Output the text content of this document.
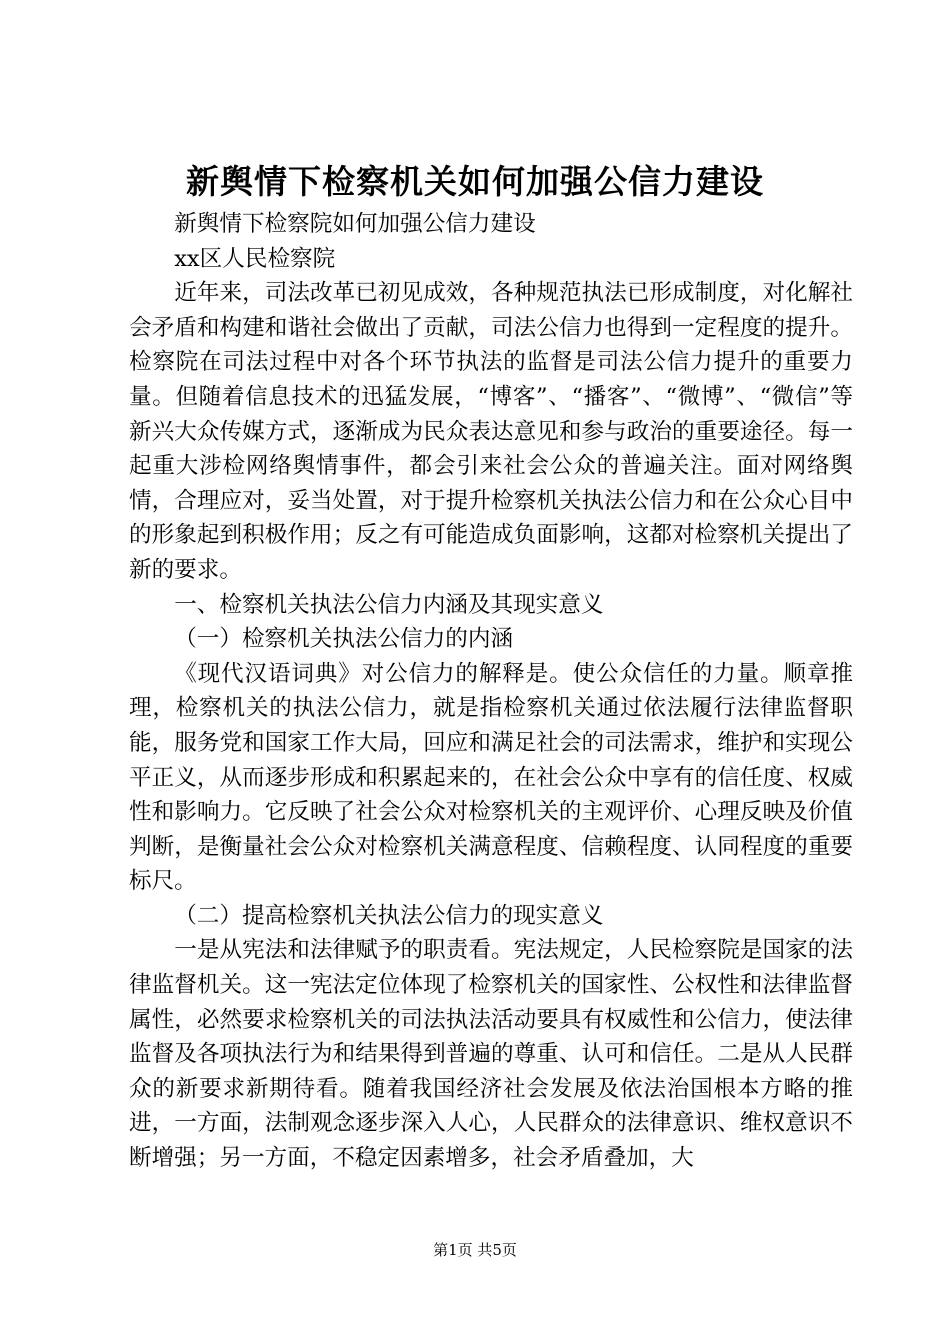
新舆情下检察机关如何加强公信力建设

新舆情下检察院如何加强公信力建设

xx区人民检察院

近年来，司法改革已初见成效，各种规范执法已形成制度，对化解社会矛盾和构建和谐社会做出了贡献，司法公信力也得到一定程度的提升。检察院在司法过程中对各个环节执法的监督是司法公信力提升的重要力量。但随着信息技术的迅猛发展，“博客”、“播客”、“微博”、“微信”等新兴大众传媒方式，逐渐成为民众表达意见和参与政治的重要途径。每一起重大涉检网络舆情事件，都会引来社会公众的普遍关注。面对网络舆情，合理应对，妥当处置，对于提升检察机关执法公信力和在公众心目中的形象起到积极作用；反之有可能造成负面影响，这都对检察机关提出了新的要求。

一、检察机关执法公信力内涵及其现实意义

（一）检察机关执法公信力的内涵

《现代汉语词典》对公信力的解释是。使公众信任的力量。顺章推理，检察机关的执法公信力，就是指检察机关通过依法履行法律监督职能，服务党和国家工作大局，回应和满足社会的司法需求，维护和实现公平正义，从而逐步形成和积累起来的，在社会公众中享有的信任度、权威性和影响力。它反映了社会公众对检察机关的主观评价、心理反映及价值判断，是衡量社会公众对检察机关满意程度、信赖程度、认同程度的重要标尺。

（二）提高检察机关执法公信力的现实意义

一是从宪法和法律赋予的职责看。宪法规定，人民检察院是国家的法律监督机关。这一宪法定位体现了检察机关的国家性、公权性和法律监督属性，必然要求检察机关的司法执法活动要具有权威性和公信力，使法律监督及各项执法行为和结果得到普遍的尊重、认可和信任。二是从人民群众的新要求新期待看。随着我国经济社会发展及依法治国根本方略的推进，一方面，法制观念逐步深入人心，人民群众的法律意识、维权意识不断增强；另一方面，不稳定因素增多，社会矛盾叠加，大

第1页 共5页
